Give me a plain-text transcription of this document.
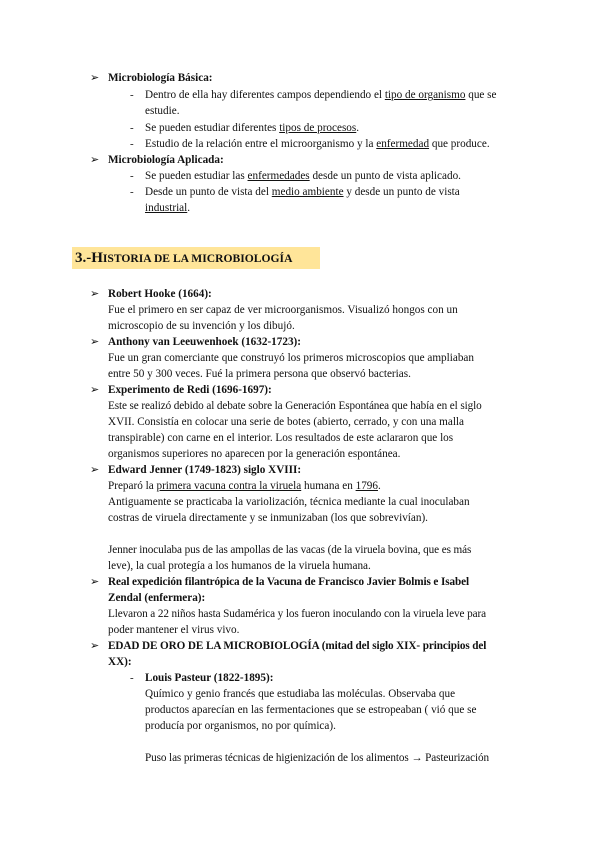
➢ Microbiología Básica:
- Dentro de ella hay diferentes campos dependiendo el tipo de organismo que se
estudie.
- Se pueden estudiar diferentes tipos de procesos.
- Estudio de la relación entre el microorganismo y la enfermedad que produce.
➢ Microbiología Aplicada:
- Se pueden estudiar las enfermedades desde un punto de vista aplicado.
- Desde un punto de vista del medio ambiente y desde un punto de vista
industrial.
3.-HISTORIA DE LA MICROBIOLOGÍA
➢ Robert Hooke (1664):
Fue el primero en ser capaz de ver microorganismos. Visualizó hongos con un
microscopio de su invención y los dibujó.
➢ Anthony van Leeuwenhoek (1632-1723):
Fue un gran comerciante que construyó los primeros microscopios que ampliaban
entre 50 y 300 veces. Fué la primera persona que observó bacterias.
➢ Experimento de Redi (1696-1697):
Este se realizó debido al debate sobre la Generación Espontánea que había en el siglo
XVII. Consistía en colocar una serie de botes (abierto, cerrado, y con una malla
transpirable) con carne en el interior. Los resultados de este aclararon que los
organismos superiores no aparecen por la generación espontánea.
➢ Edward Jenner (1749-1823) siglo XVIII:
Preparó la primera vacuna contra la viruela humana en 1796.
Antiguamente se practicaba la variolización, técnica mediante la cual inoculaban
costras de viruela directamente y se inmunizaban (los que sobrevivían).
Jenner inoculaba pus de las ampollas de las vacas (de la viruela bovina, que es más
leve), la cual protegía a los humanos de la viruela humana.
➢ Real expedición filantrópica de la Vacuna de Francisco Javier Bolmis e Isabel
Zendal (enfermera):
Llevaron a 22 niños hasta Sudamérica y los fueron inoculando con la viruela leve para
poder mantener el virus vivo.
➢ EDAD DE ORO DE LA MICROBIOLOGÍA (mitad del siglo XIX- principios del
XX):
- Louis Pasteur (1822-1895):
Químico y genio francés que estudiaba las moléculas. Observaba que
productos aparecían en las fermentaciones que se estropeaban ( vió que se
producía por organismos, no por química).
Puso las primeras técnicas de higienización de los alimentos → Pasteurización
